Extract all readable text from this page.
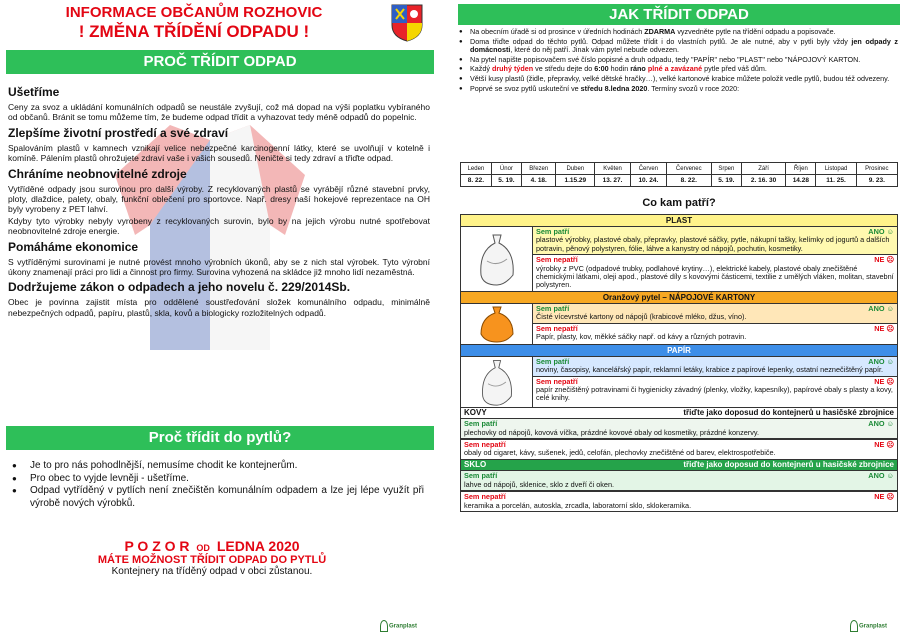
INFORMACE OBČANŮM ROZHOVIC
! ZMĚNA TŘÍDĚNÍ ODPADU !
PROČ TŘÍDIT ODPAD
Ušetříme

Ceny za svoz a ukládání komunálních odpadů se neustále zvyšují, což má dopad na výši poplatku vybíraného od občanů. Bránit se tomu můžeme tím, že budeme odpad třídit a vyhazovat tedy méně odpadů do popelnic.

Zlepšíme životní prostředí a své zdraví

Spalováním plastů v kamnech vznikají velice nebezpečné karcinogenní látky, které se uvolňují v kotelně i komíně. Pálením plastů ohrožujete zdraví vaše i vašich sousedů. Neničte si tedy zdraví a třiďte odpad.

Chráníme neobnovitelné zdroje

Vytříděné odpady jsou surovinou pro další výroby. Z recyklovaných plastů se vyrábějí různé stavební prvky, ploty, dlaždice, palety, obaly, funkční oblečení pro sportovce. Např. dresy naší hokejové reprezentace na OH byly vyrobeny z PET lahví.

Kdyby tyto výrobky nebyly vyrobeny z recyklovaných surovin, bylo by na jejich výrobu nutné spotřebovat neobnovitelné zdroje energie.

Pomáháme ekonomice

S vytříděnými surovinami je nutné provést mnoho výrobních úkonů, aby se z nich stal výrobek. Tyto výrobní úkony znamenají práci pro lidi a činnost pro firmy. Surovina vyhozená na skládce již mnoho lidí nezaměstná.

Dodržujeme zákon o odpadech a jeho novelu č. 229/2014Sb.

Obec je povinna zajistit místa pro oddělené soustřeďování složek komunálního odpadu, minimálně nebezpečných odpadů, papíru, plastů, skla, kovů a biologicky rozložitelných odpadů.

Proč třídit do pytlů?
● Je to pro nás pohodlnější, nemusíme chodit ke kontejnerům.
● Pro obec to vyjde levněji - ušetříme.
● Odpad vytříděný v pytlích není znečištěn komunálním odpadem a lze jej lépe využít při výrobě nových výrobků.
P O Z O R OD LEDNA 2020
MÁTE MOŽNOST TŘÍDIT ODPAD DO PYTLŮ
Kontejnery na tříděný odpad v obci zůstanou.
Granplast
JAK TŘÍDIT ODPAD
● Na obecním úřadě si od prosince v úředních hodinách ZDARMA vyzvedněte pytle na třídění odpadu a popisovače.
● Doma třiďte odpad do těchto pytlů. Odpad můžete třídit i do vlastních pytlů. Je ale nutné, aby v pytli byly vždy jen odpady z domácnosti, které do něj patří. Jinak vám pytel nebude odvezen.
● Na pytel napište popisovačem své číslo popisné a druh odpadu, tedy "PAPÍR" nebo "PLAST" nebo "NÁPOJOVÝ KARTON.
● Každý druhý týden ve středu dejte do 6:00 hodin ráno plné a zavázané pytle před váš dům.
● Větší kusy plastů (židle, přepravky, velké dětské hračky…), velké kartonové krabice můžete položit vedle pytlů, budou též odvezeny.
● Poprvé se svoz pytlů uskuteční ve středu 8.ledna 2020. Termíny svozů v roce 2020:
Leden	Únor	Březen	Duben	Květen	Červen	Červenec	Srpen	Září	Říjen	Listopad	Prosinec
8. 22.	5. 19.	4. 18.	1.15.29	13. 27.	10. 24.	8. 22.	5. 19.	2. 16. 30	14.28	11. 25.	9. 23.
Co kam patří?
PLAST
Sem patří	ANO ☺
plastové výrobky, plastové obaly, přepravky, plastové sáčky, pytle, nákupní tašky, kelímky od jogurtů a dalších potravin, pěnový polystyren, fólie, láhve a kanystry od nápojů, pochutin, kosmetiky.
Sem nepatří	NE ☹
výrobky z PVC (odpadové trubky, podlahové krytiny…), elektrické kabely, plastové obaly znečištěné chemickými látkami, oleji apod., plastové díly s kovovými částicemi, textilie z umělých vláken, molitan, stavební polystyren.
Oranžový pytel – NÁPOJOVÉ KARTONY
Sem patří	ANO ☺
Čisté vícevrstvé kartony od nápojů (krabicové mléko, džus, víno).
Sem nepatří	NE ☹
Papír, plasty, kov, měkké sáčky např. od kávy a různých potravin.
PAPÍR
Sem patří	ANO ☺
noviny, časopisy, kancelářský papír, reklamní letáky, krabice z papírové lepenky, ostatní neznečištěný papír.
Sem nepatří	NE ☹
papír znečištěný potravinami či hygienicky závadný (plenky, vložky, kapesníky), papírové obaly s plasty a kovy, celé knihy.
KOVY	třiďte jako doposud do kontejnerů u hasičské zbrojnice
Sem patří	ANO ☺
plechovky od nápojů, kovová víčka, prázdné kovové obaly od kosmetiky, prázdné konzervy.
Sem nepatří	NE ☹
obaly od cigaret, kávy, sušenek, jedů, celofán, plechovky znečištěné od barev, elektrospotřebiče.
SKLO	třiďte jako doposud do kontejnerů u hasičské zbrojnice
Sem patří	ANO ☺
lahve od nápojů, sklenice, sklo z dveří či oken.
Sem nepatří	NE ☹
keramika a porcelán, autoskla, zrcadla, laboratorní sklo, sklokeramika.
Granplast
